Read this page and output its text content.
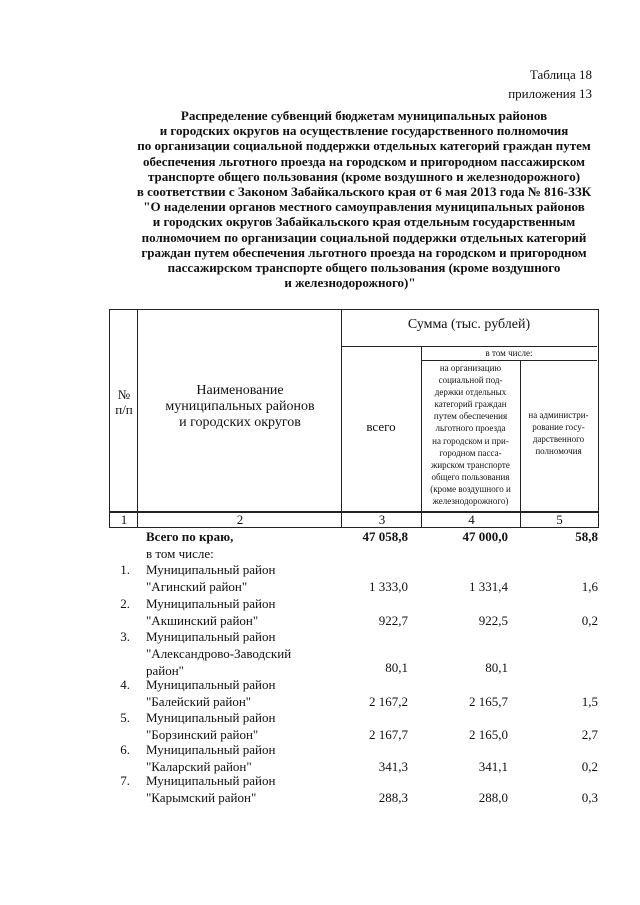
Таблица 18
приложения 13
Распределение субвенций бюджетам муниципальных районов
и городских округов на осуществление государственного полномочия
по организации социальной поддержки отдельных категорий граждан путем
обеспечения льготного проезда на городском и пригородном пассажирском
транспорте общего пользования (кроме воздушного и железнодорожного)
в соответствии с Законом Забайкальского края от 6 мая 2013 года № 816-ЗЗК
"О наделении органов местного самоуправления муниципальных районов
и городских округов Забайкальского края отдельным государственным
полномочием по организации социальной поддержки отдельных категорий
граждан путем обеспечения льготного проезда на городском и пригородном
пассажирском транспорте общего пользования (кроме воздушного
и железнодорожного)"
№
п/п
Наименование
муниципальных районов
и городских округов
Сумма (тыс. рублей)
всего
в том числе:
на организацию
социальной под-
держки отдельных
категорий граждан
путем обеспечения
льготного проезда
на городском и при-
городном пасса-
жирском транспорте
общего пользования
(кроме воздушного и
железнодорожного)
на администри-
рование госу-
дарственного
полномочия
1	2	3	4	5
Всего по краю,	47 058,8	47 000,0	58,8
в том числе:
1. Муниципальный район
"Агинский район"	1 333,0	1 331,4	1,6
2. Муниципальный район
"Акшинский район"	922,7	922,5	0,2
3. Муниципальный район
"Александрово-Заводский
район"	80,1	80,1
4. Муниципальный район
"Балейский район"	2 167,2	2 165,7	1,5
5. Муниципальный район
"Борзинский район"	2 167,7	2 165,0	2,7
6. Муниципальный район
"Каларский район"	341,3	341,1	0,2
7. Муниципальный район
"Карымский район"	288,3	288,0	0,3
